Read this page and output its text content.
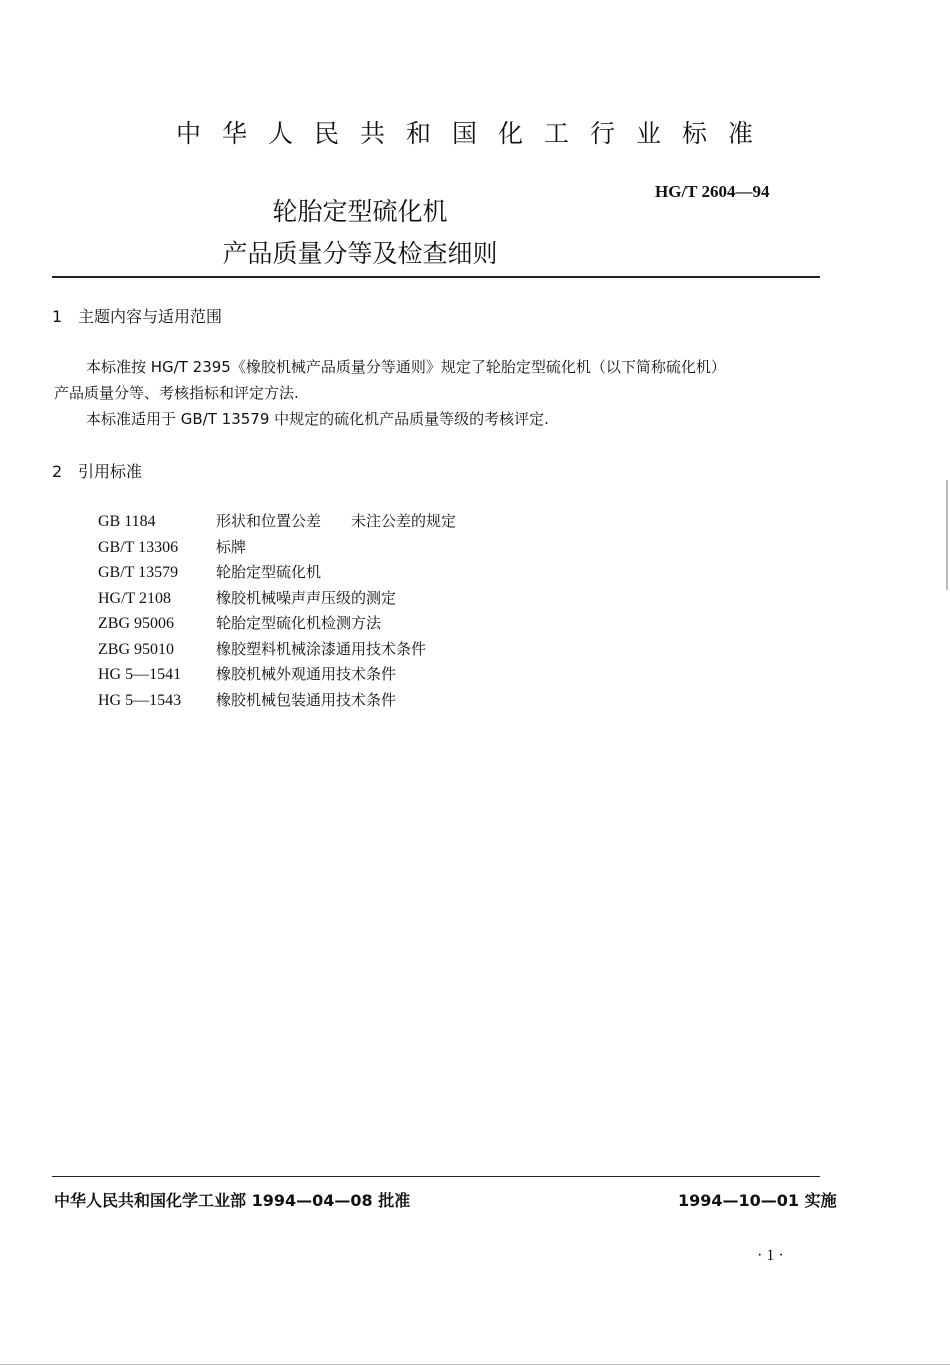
中华人民共和国化工行业标准
HG/T 2604—94
轮胎定型硫化机
产品质量分等及检查细则
1 主题内容与适用范围
本标准按 HG/T 2395《橡胶机械产品质量分等通则》规定了轮胎定型硫化机（以下简称硫化机）
产品质量分等、考核指标和评定方法.
本标准适用于 GB/T 13579 中规定的硫化机产品质量等级的考核评定.
2 引用标准
GB 1184	形状和位置公差　　未注公差的规定
GB/T 13306	标牌
GB/T 13579	轮胎定型硫化机
HG/T 2108	橡胶机械噪声声压级的测定
ZBG 95006	轮胎定型硫化机检测方法
ZBG 95010	橡胶塑料机械涂漆通用技术条件
HG 5—1541 橡胶机械外观通用技术条件
HG 5—1543 橡胶机械包装通用技术条件
中华人民共和国化学工业部 1994—04—08 批准	1994—10—01 实施
· 1 ·
